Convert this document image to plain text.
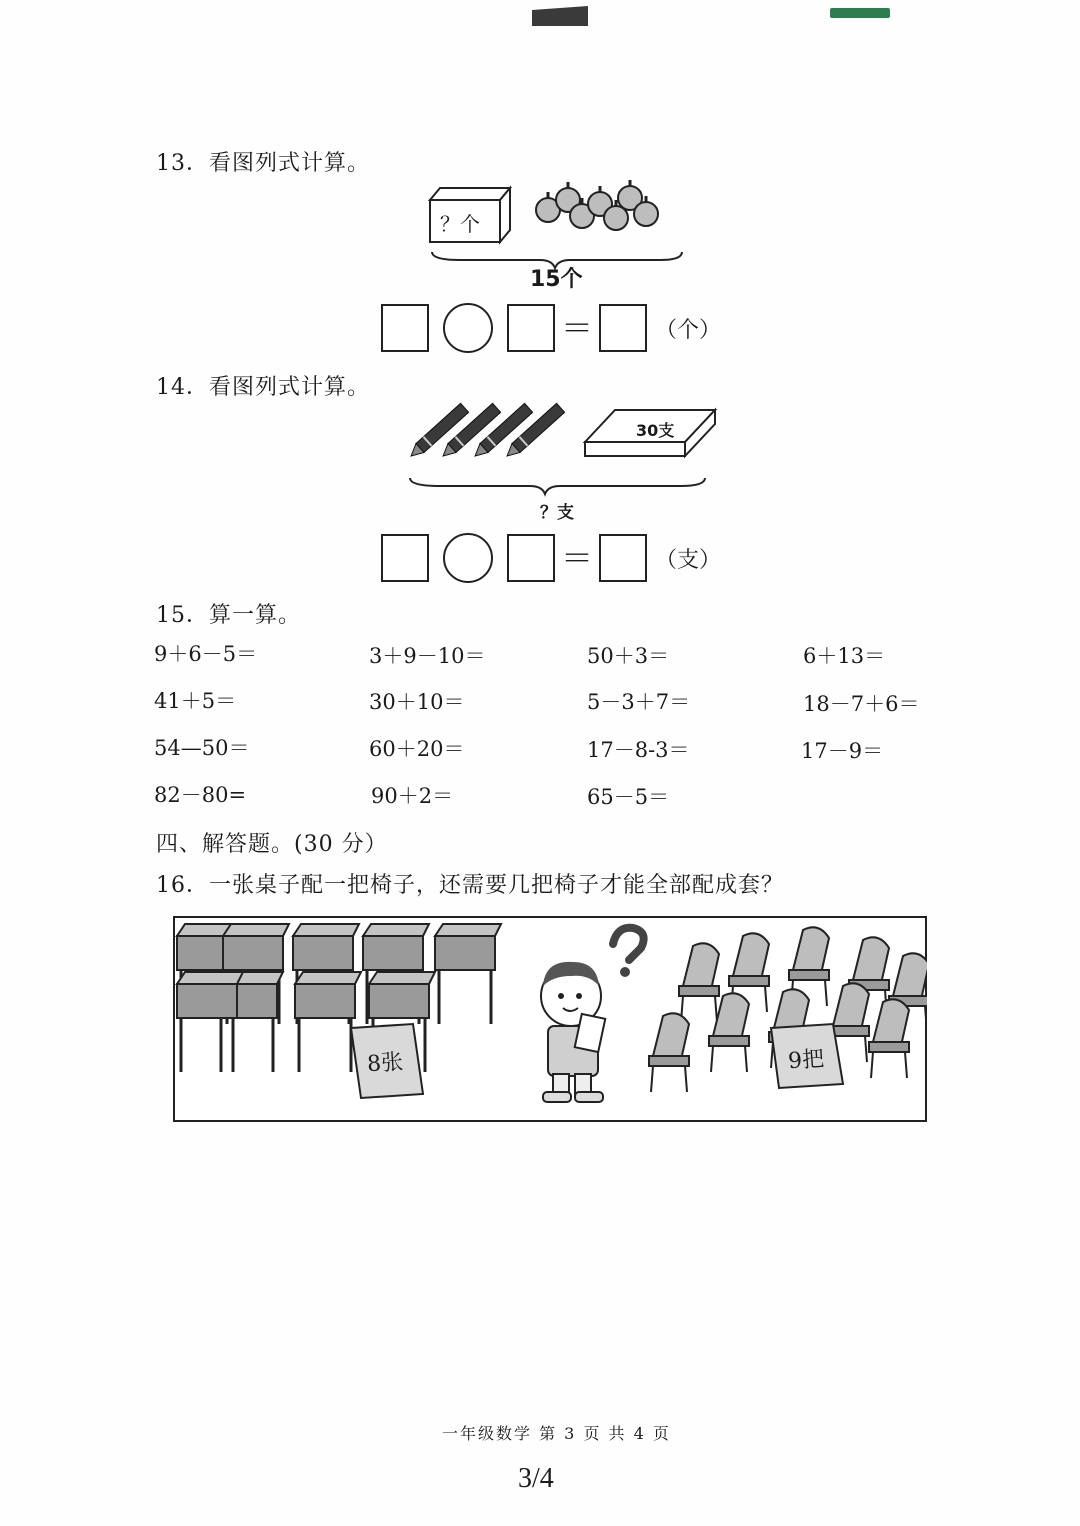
13．看图列式计算。
？个
15个
＝	（个）
14．看图列式计算。
30支
？支
＝	（支）
15．算一算。
9＋6－5＝	3＋9－10＝	50＋3＝	6＋13＝
41＋5＝	30＋10＝	5－3＋7＝	18－7＋6＝
54—50＝	60＋20＝	17－8-3＝	17－9＝
82－80=	90＋2＝	65－5＝
四、解答题。(30 分）
16．一张桌子配一把椅子，还需要几把椅子才能全部配成套？
8张	9把
一年级数学 第 3 页 共 4 页
3/4
